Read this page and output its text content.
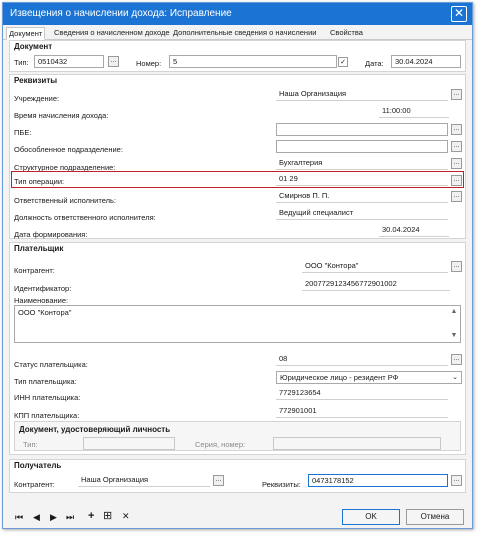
Извещения о начислении дохода: Исправление	✕
Документ	Сведения о начисленном доходе Дополнительные сведения о начислении Свойства
Документ
Тип:	0510432	...	Номер:	5	✓	Дата:	30.04.2024
Реквизиты
Учреждение:
Наша Организация	...
Время начисления дохода:
11:00:00
ПБЕ:	...
Обособленное подразделение:	...
Структурное подразделение:
Бухгалтерия	...
Тип операции:	01 29	...
Ответственный исполнитель:
Смирнов П. П.	...
Должность ответственного исполнителя:
Ведущий специалист
Дата формирования:
30.04.2024
Плательщик
Контрагент:
ООО "Контора"	...
Идентификатор:
2007729123456772901002
Наименование:
ООО "Контора"	▲
▼
Статус плательщика:
08	...
Тип плательщика:	Юридическое лицо - резидент РФ	⌄
ИНН плательщика:
7729123654
КПП плательщика:
772901001
Документ, удостоверяющий личность
Тип:	Серия, номер:
Получатель
Контрагент:
Наша Организация	...
Реквизиты:	0473178152	...
⏮ ◀ ▶ ⏭ + ⊞ ✕	OK	Отмена
